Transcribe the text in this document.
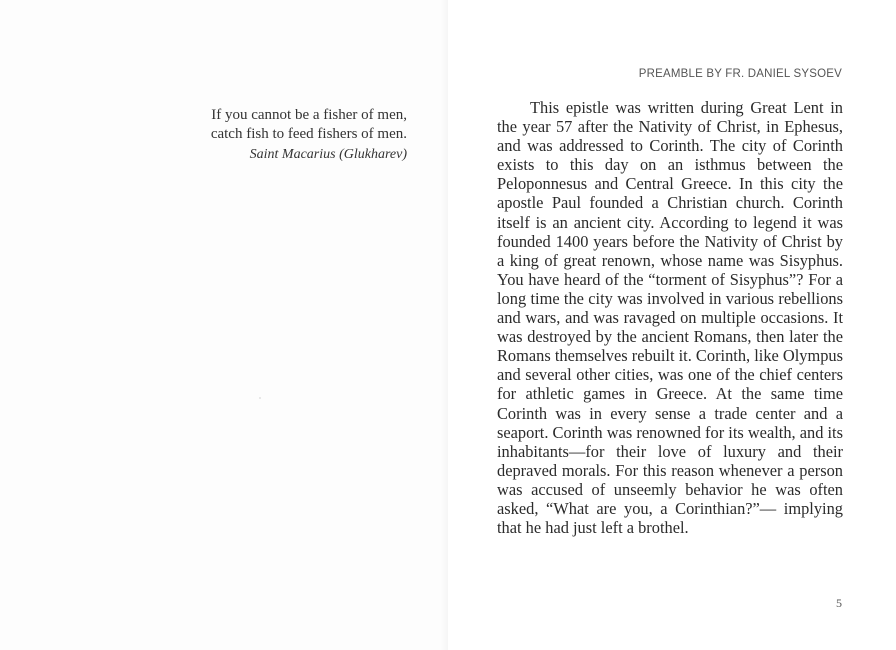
If you cannot be a fisher of men,
catch fish to feed fishers of men.

Saint Macarius (Glukharev)
PREAMBLE BY FR. DANIEL SYSOEV

This epistle was written during Great Lent in the year 57 after the Nativity of Christ, in Ephesus, and was addressed to Corinth. The city of Corinth exists to this day on an isthmus between the Peloponnesus and Central Greece. In this city the apostle Paul founded a Christian church. Corinth itself is an ancient city. According to legend it was founded 1400 years before the Nativity of Christ by a king of great renown, whose name was Sisyphus. You have heard of the “torment of Sisyphus”? For a long time the city was involved in various rebellions and wars, and was ravaged on multiple occasions. It was destroyed by the ancient Romans, then later the Romans themselves rebuilt it. Corinth, like Olympus and several other cities, was one of the chief centers for athletic games in Greece. At the same time Corinth was in every sense a trade center and a seaport. Corinth was renowned for its wealth, and its inhabitants—for their love of luxury and their depraved morals. For this reason whenever a person was accused of unseemly behavior he was often asked, “What are you, a Corinthian?”— implying that he had just left a brothel.

5
